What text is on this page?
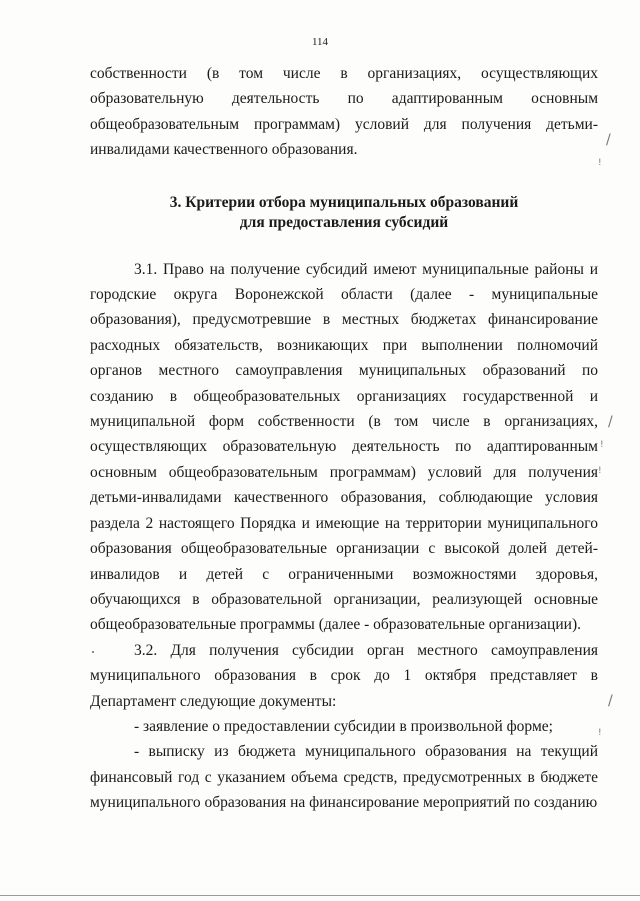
114

собственности (в том числе в организациях, осуществляющих образовательную деятельность по адаптированным основным общеобразовательным программам) условий для получения детьми-инвалидами качественного образования.

3. Критерии отбора муниципальных образований
для предоставления субсидий

3.1. Право на получение субсидий имеют муниципальные районы и городские округа Воронежской области (далее - муниципальные образования), предусмотревшие в местных бюджетах финансирование расходных обязательств, возникающих при выполнении полномочий органов местного самоуправления муниципальных образований по созданию в общеобразовательных организациях государственной и муниципальной форм собственности (в том числе в организациях, осуществляющих образовательную деятельность по адаптированным основным общеобразовательным программам) условий для получения детьми-инвалидами качественного образования, соблюдающие условия раздела 2 настоящего Порядка и имеющие на территории муниципального образования общеобразовательные организации с высокой долей детей-инвалидов и детей с ограниченными возможностями здоровья, обучающихся в образовательной организации, реализующей основные общеобразовательные программы (далее - образовательные организации).

3.2. Для получения субсидии орган местного самоуправления муниципального образования в срок до 1 октября представляет в Департамент следующие документы:

- заявление о предоставлении субсидии в произвольной форме;

- выписку из бюджета муниципального образования на текущий финансовый год с указанием объема средств, предусмотренных в бюджете муниципального образования на финансирование мероприятий по созданию

/
!
/
!
!
/
!
